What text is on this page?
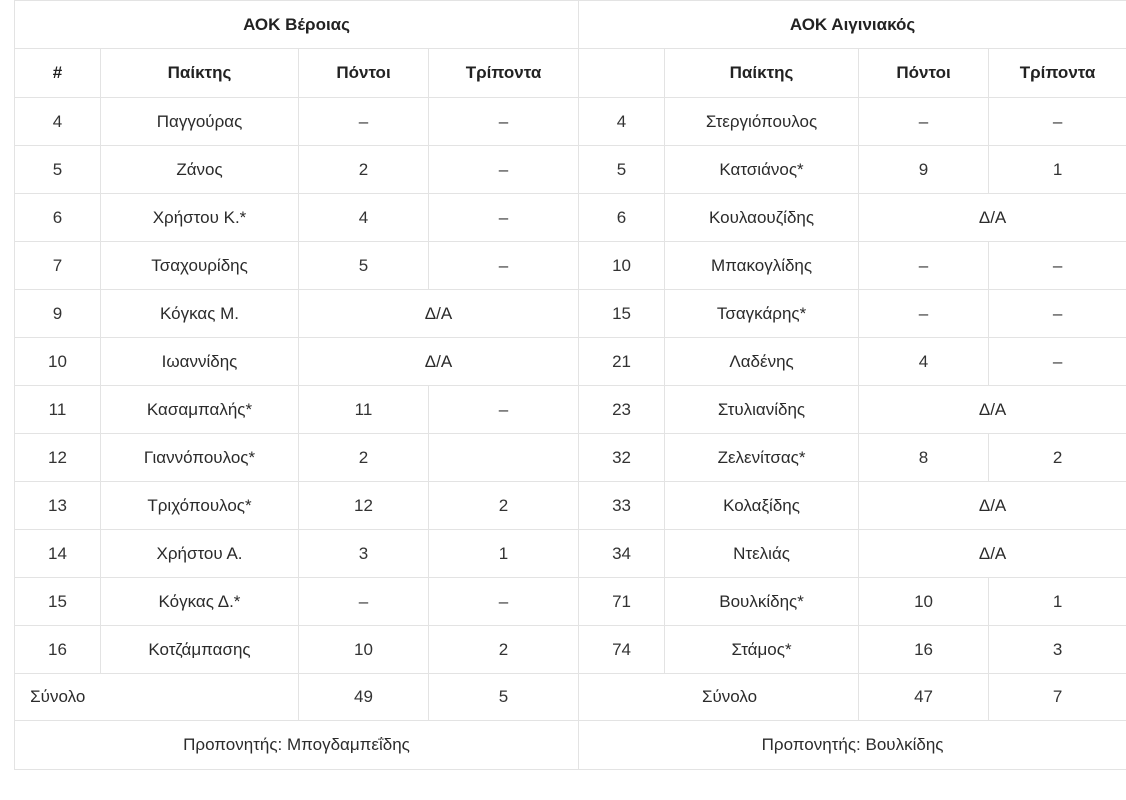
ΑΟΚ Βέροιας				ΑΟΚ Αιγινιακός			
#	Παίκτης	Πόντοι	Τρίποντα		Παίκτης	Πόντοι	Τρίποντα
4	Παγγούρας	–	–	4	Στεργιόπουλος	–	–
5	Ζάνος	2	–	5	Κατσιάνος*	9	1
6	Χρήστου Κ.*	4	–	6	Κουλαουζίδης	Δ/Α	
7	Τσαχουρίδης	5	–	10	Μπακογλίδης	–	–
9	Κόγκας Μ.	Δ/Α		15	Τσαγκάρης*	–	–
10	Ιωαννίδης	Δ/Α		21	Λαδένης	4	–
11	Κασαμπαλής*	11	–	23	Στυλιανίδης	Δ/Α	
12	Γιαννόπουλος*	2		32	Ζελενίτσας*	8	2
13	Τριχόπουλος*	12	2	33	Κολαξίδης	Δ/Α	
14	Χρήστου Α.	3	1	34	Ντελιάς	Δ/Α	
15	Κόγκας Δ.*	–	–	71	Βουλκίδης*	10	1
16	Κοτζάμπασης	10	2	74	Στάμος*	16	3
Σύνολο		49	5	Σύνολο		47	7
Προπονητής: Μπογδαμπεΐδης				Προπονητής: Βουλκίδης			
